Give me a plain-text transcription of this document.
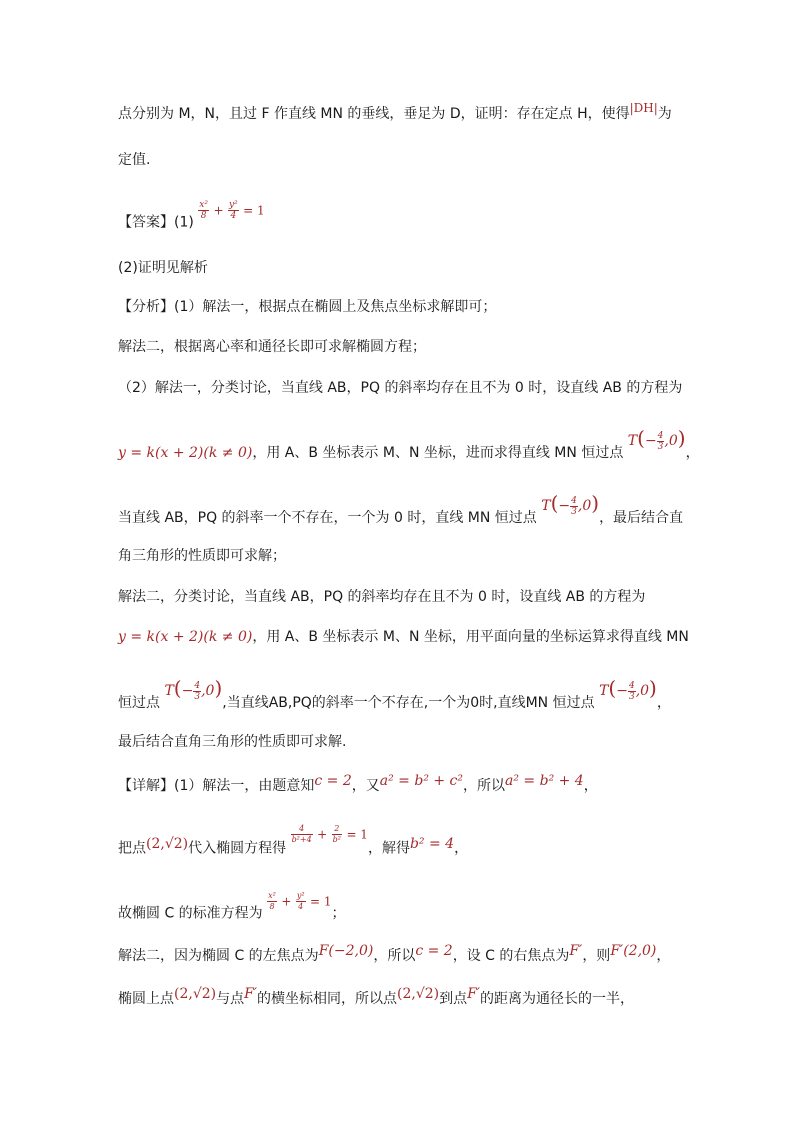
点分别为 M，N，且过 F 作直线 MN 的垂线，垂足为 D，证明：存在定点 H，使得|DH|为
定值.
【答案】(1)
$\frac{\text{x²}}{8} + \frac{\text{y²}}{4} = 1$
(2)证明见解析
【分析】(1）解法一，根据点在椭圆上及焦点坐标求解即可；
解法二，根据离心率和通径长即可求解椭圆方程；
（2）解法一，分类讨论，当直线 AB，PQ 的斜率均存在且不为 0 时，设直线 AB 的方程为
y = k(x + 2)(k ≠ 0)，用 A、B 坐标表示 M、N 坐标，进而求得直线 MN 恒过点 $T(- \frac{4}{3} ,0)$，
当直线 AB，PQ 的斜率一个不存在，一个为 0 时，直线 MN 恒过点 $T(- \frac{4}{3} ,0)$，最后结合直
角三角形的性质即可求解；
解法二，分类讨论，当直线 AB，PQ 的斜率均存在且不为 0 时，设直线 AB 的方程为
y = k(x + 2)(k ≠ 0)，用 A、B 坐标表示 M、N 坐标，用平面向量的坐标运算求得直线 MN
恒过点 $T(- \frac{4}{3} ,0)$,当直线AB,PQ的斜率一个不存在,一个为0时,直线MN 恒过点 $T(- \frac{4}{3} ,0)$，
最后结合直角三角形的性质即可求解.
【详解】(1）解法一，由题意知c = 2，又a² = b² + c²，所以a² = b² + 4，
把点(2,√2)代入椭圆方程得
$\frac{4}{\text{b²+4}} + \frac{2}{\text{b²}} = 1$，解得b² = 4，
故椭圆 C 的标准方程为
$\frac{\text{x²}}{8} + \frac{\text{y²}}{4} = 1$；
解法二，因为椭圆 C 的左焦点为F(−2,0)，所以c = 2，设 C 的右焦点为F′，则F′(2,0)，
椭圆上点(2,√2)与点F′的横坐标相同，所以点(2,√2)到点F′的距离为通径长的一半，
